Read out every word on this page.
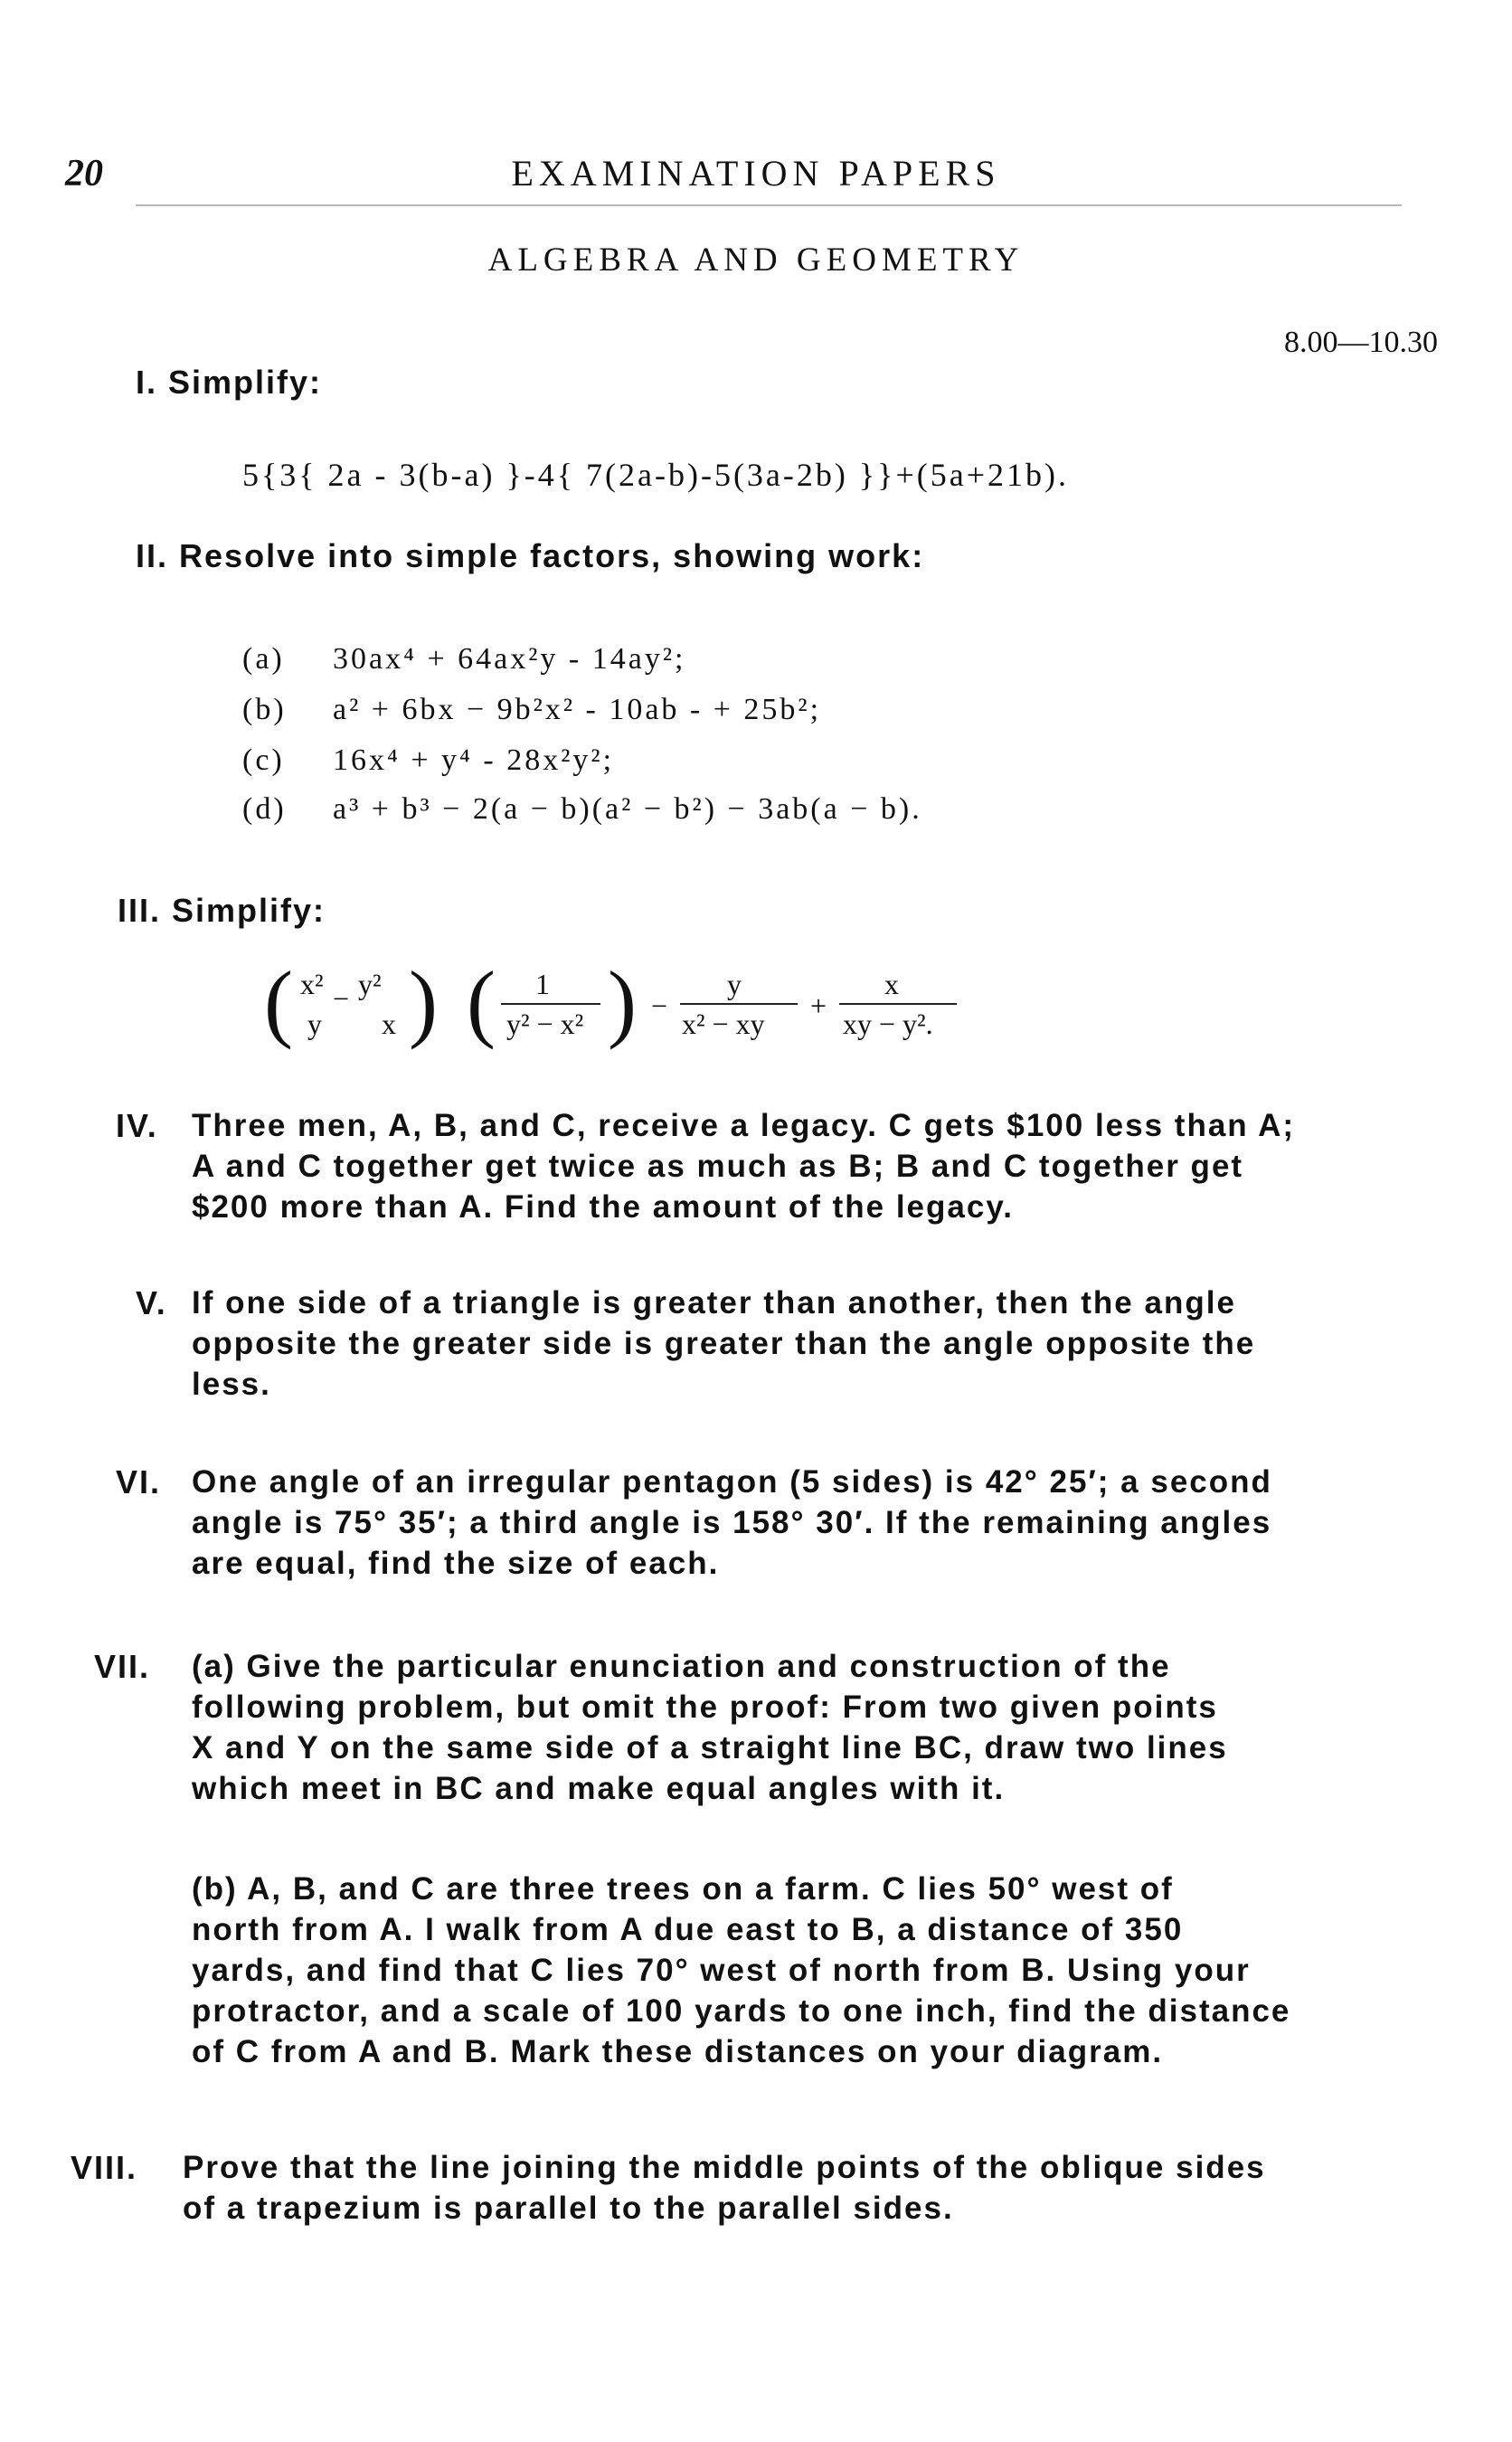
20	EXAMINATION PAPERS
ALGEBRA AND GEOMETRY
8.00—10.30
I. Simplify:
5{3{ 2a - 3(b-a) }-4{ 7(2a-b)-5(3a-2b) }}+(5a+21b).
II. Resolve into simple factors, showing work:
(a) 30ax⁴ + 64ax²y - 14ay²;
(b) a² + 6bx − 9b²x² - 10ab - + 25b²;
(c) 16x⁴ + y⁴ - 28x²y²;
(d) a³ + b³ − 2(a − b)(a² − b²) − 3ab(a − b).
III. Simplify:
( x² − y²
y x ) ( 1
y² − x² ) −
y
x² − xy
+
x
xy − y².
IV. Three men, A, B, and C, receive a legacy. C gets $100 less than A;
A and C together get twice as much as B; B and C together get
$200 more than A. Find the amount of the legacy.
V. If one side of a triangle is greater than another, then the angle
opposite the greater side is greater than the angle opposite the
less.
VI. One angle of an irregular pentagon (5 sides) is 42° 25′; a second
angle is 75° 35′; a third angle is 158° 30′. If the remaining angles
are equal, find the size of each.
VII. (a) Give the particular enunciation and construction of the
following problem, but omit the proof: From two given points
X and Y on the same side of a straight line BC, draw two lines
which meet in BC and make equal angles with it.
(b) A, B, and C are three trees on a farm. C lies 50° west of
north from A. I walk from A due east to B, a distance of 350
yards, and find that C lies 70° west of north from B. Using your
protractor, and a scale of 100 yards to one inch, find the distance
of C from A and B. Mark these distances on your diagram.
VIII. Prove that the line joining the middle points of the oblique sides
of a trapezium is parallel to the parallel sides.
